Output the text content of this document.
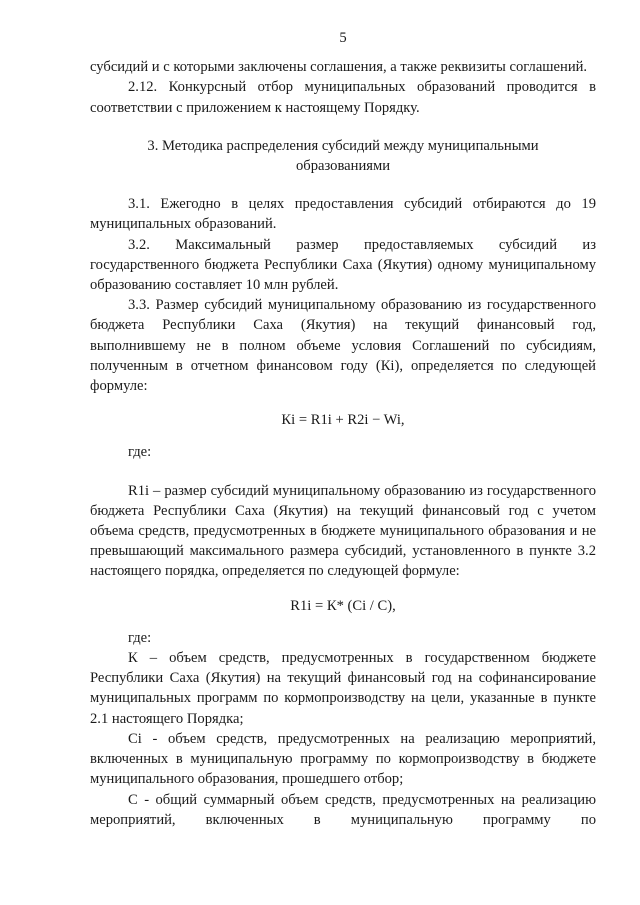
5

субсидий и с которыми заключены соглашения, а также реквизиты соглашений.

2.12. Конкурсный отбор муниципальных образований проводится в соответствии с приложением к настоящему Порядку.

3. Методика распределения субсидий между муниципальными образованиями

3.1. Ежегодно в целях предоставления субсидий отбираются до 19 муниципальных образований.

3.2. Максимальный размер предоставляемых субсидий из государственного бюджета Республики Саха (Якутия) одному муниципальному образованию составляет 10 млн рублей.

3.3. Размер субсидий муниципальному образованию из государственного бюджета Республики Саха (Якутия) на текущий финансовый год, выполнившему не в полном объеме условия Соглашений по субсидиям, полученным в отчетном финансовом году (Кi), определяется по следующей формуле:

Кi = R1i + R2i − Wi,

где:

R1i – размер субсидий муниципальному образованию из государственного бюджета Республики Саха (Якутия) на текущий финансовый год с учетом объема средств, предусмотренных в бюджете муниципального образования и не превышающий максимального размера субсидий, установленного в пункте 3.2 настоящего порядка, определяется по следующей формуле:

R1i = К* (Ci / C),

где:

К – объем средств, предусмотренных в государственном бюджете Республики Саха (Якутия) на текущий финансовый год на софинансирование муниципальных программ по кормопроизводству на цели, указанные в пункте 2.1 настоящего Порядка;

Ci - объем средств, предусмотренных на реализацию мероприятий, включенных в муниципальную программу по кормопроизводству в бюджете муниципального образования, прошедшего отбор;

С - общий суммарный объем средств, предусмотренных на реализацию мероприятий, включенных в муниципальную программу по
